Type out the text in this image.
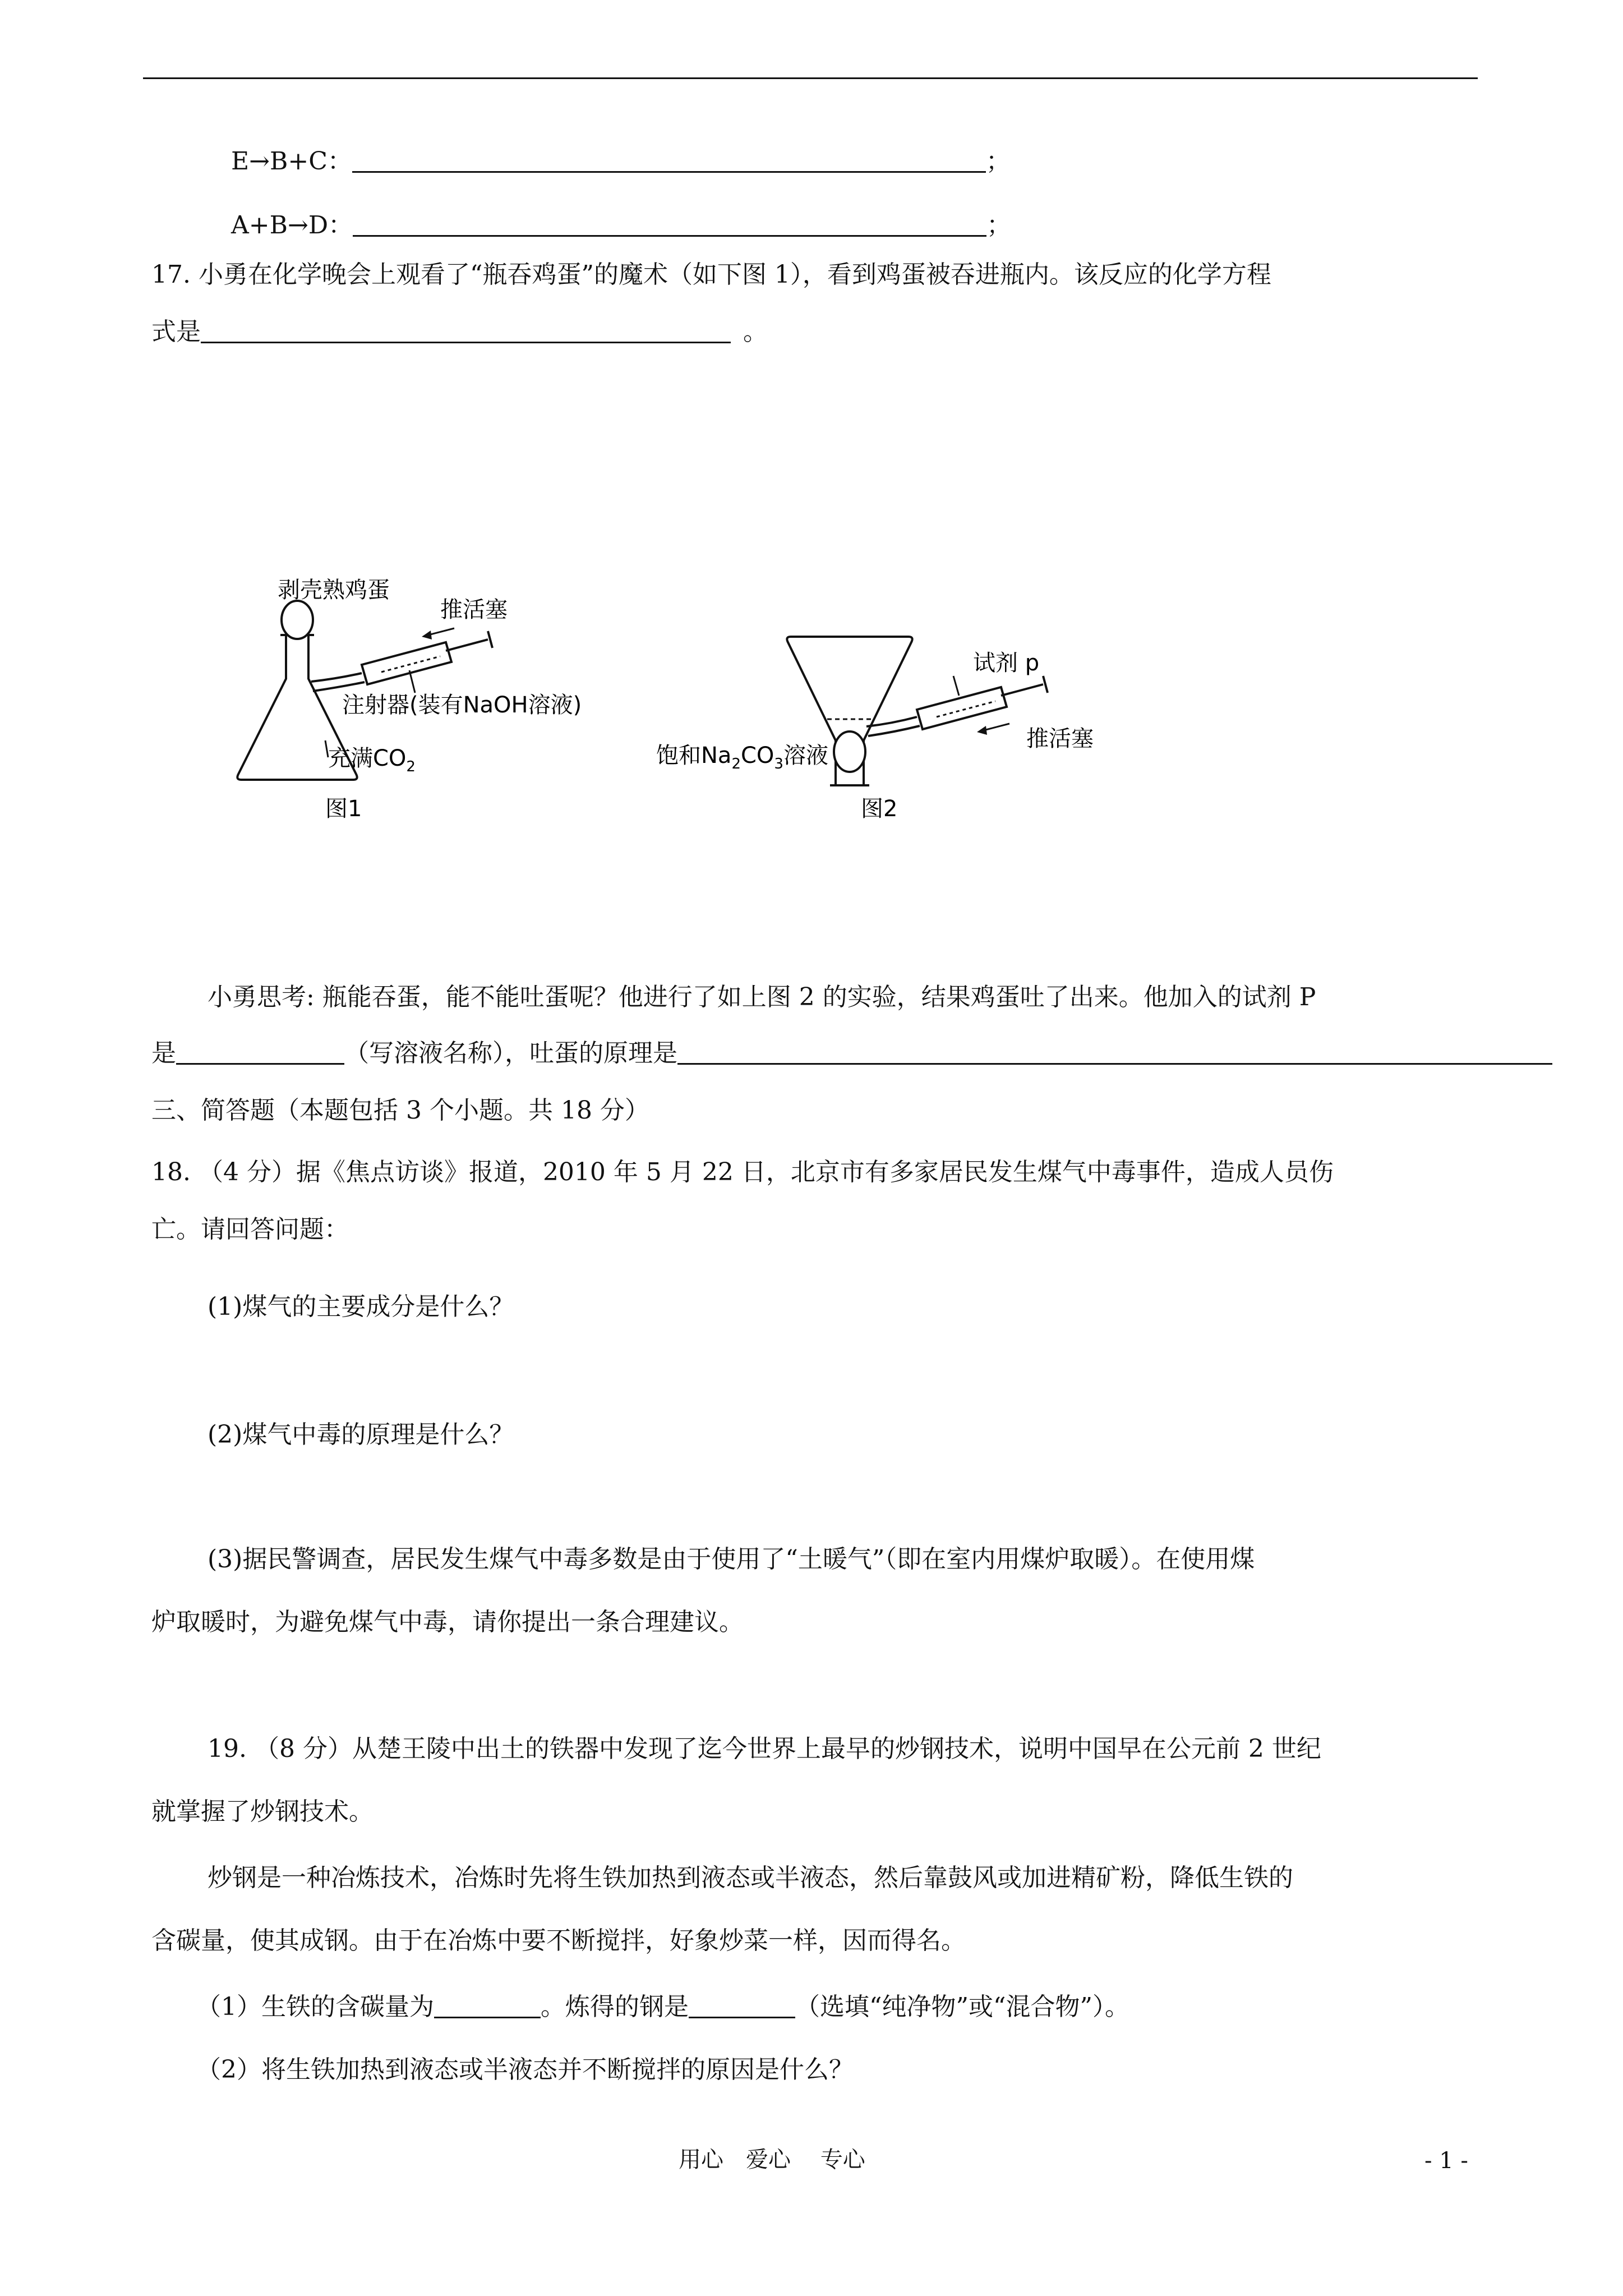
E→B+C：	；
A+B→D：	；
17. 小勇在化学晚会上观看了“瓶吞鸡蛋”的魔术（如下图 1），看到鸡蛋被吞进瓶内。该反应的化学方程
式是	。
剥壳熟鸡蛋
推活塞
注射器(装有NaOH溶液)
充满$CO_2$
图1
试剂 p
饱和$Na_2CO_3$溶液
推活塞
图2
小勇思考: 瓶能吞蛋，能不能吐蛋呢？他进行了如上图 2 的实验，结果鸡蛋吐了出来。他加入的试剂 P
是	（写溶液名称），吐蛋的原理是
三、简答题（本题包括 3 个小题。共 18 分）
18. （4 分）据《焦点访谈》报道，2010 年 5 月 22 日，北京市有多家居民发生煤气中毒事件，造成人员伤
亡。请回答问题：
(1)煤气的主要成分是什么？
(2)煤气中毒的原理是什么？
(3)据民警调查，居民发生煤气中毒多数是由于使用了“土暖气”（即在室内用煤炉取暖）。在使用煤
炉取暖时，为避免煤气中毒，请你提出一条合理建议。
19. （8 分）从楚王陵中出土的铁器中发现了迄今世界上最早的炒钢技术，说明中国早在公元前 2 世纪
就掌握了炒钢技术。
炒钢是一种冶炼技术，冶炼时先将生铁加热到液态或半液态，然后靠鼓风或加进精矿粉，降低生铁的
含碳量，使其成钢。由于在冶炼中要不断搅拌，好象炒菜一样，因而得名。
（1）生铁的含碳量为	。炼得的钢是	（选填“纯净物”或“混合物”）。
（2）将生铁加热到液态或半液态并不断搅拌的原因是什么？
用心　爱心　 专心	- 1 -
